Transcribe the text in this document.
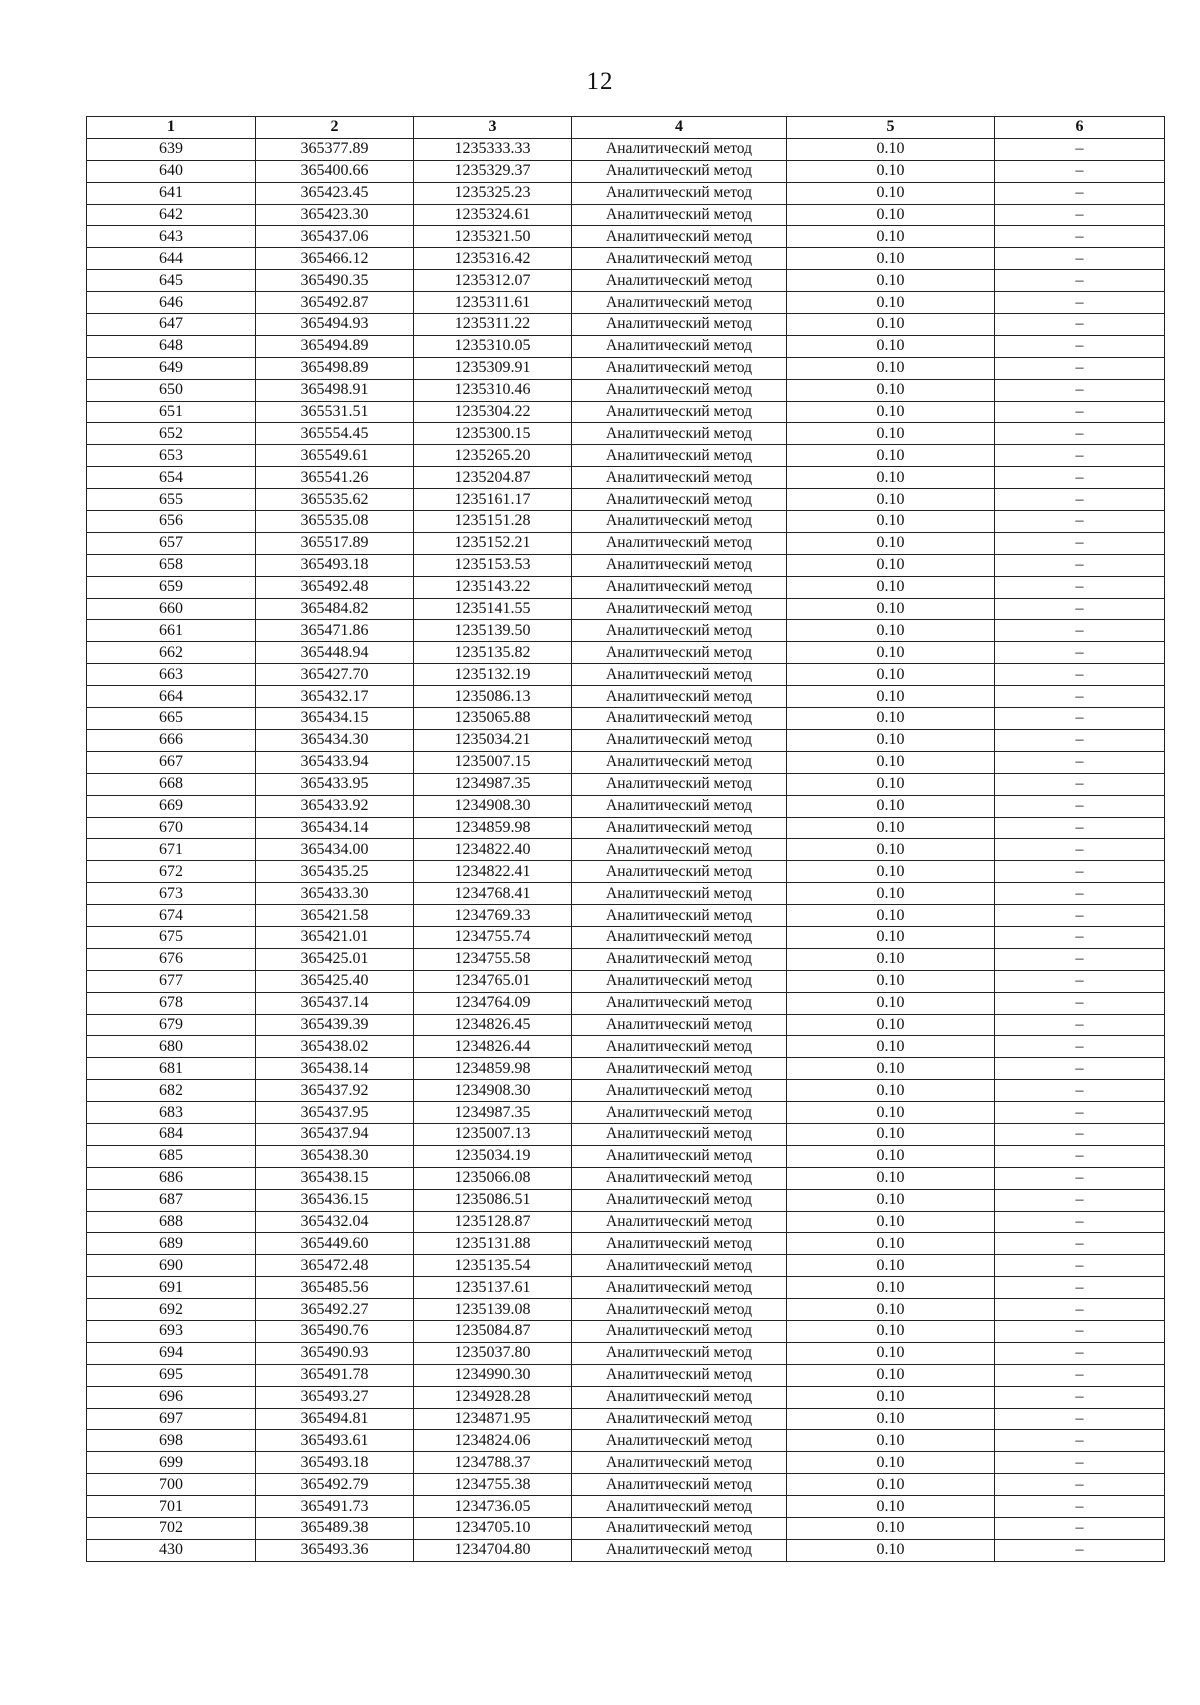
12
1	2	3	4	5	6
639	365377.89	1235333.33	Аналитический метод	0.10	–
640	365400.66	1235329.37	Аналитический метод	0.10	–
641	365423.45	1235325.23	Аналитический метод	0.10	–
642	365423.30	1235324.61	Аналитический метод	0.10	–
643	365437.06	1235321.50	Аналитический метод	0.10	–
644	365466.12	1235316.42	Аналитический метод	0.10	–
645	365490.35	1235312.07	Аналитический метод	0.10	–
646	365492.87	1235311.61	Аналитический метод	0.10	–
647	365494.93	1235311.22	Аналитический метод	0.10	–
648	365494.89	1235310.05	Аналитический метод	0.10	–
649	365498.89	1235309.91	Аналитический метод	0.10	–
650	365498.91	1235310.46	Аналитический метод	0.10	–
651	365531.51	1235304.22	Аналитический метод	0.10	–
652	365554.45	1235300.15	Аналитический метод	0.10	–
653	365549.61	1235265.20	Аналитический метод	0.10	–
654	365541.26	1235204.87	Аналитический метод	0.10	–
655	365535.62	1235161.17	Аналитический метод	0.10	–
656	365535.08	1235151.28	Аналитический метод	0.10	–
657	365517.89	1235152.21	Аналитический метод	0.10	–
658	365493.18	1235153.53	Аналитический метод	0.10	–
659	365492.48	1235143.22	Аналитический метод	0.10	–
660	365484.82	1235141.55	Аналитический метод	0.10	–
661	365471.86	1235139.50	Аналитический метод	0.10	–
662	365448.94	1235135.82	Аналитический метод	0.10	–
663	365427.70	1235132.19	Аналитический метод	0.10	–
664	365432.17	1235086.13	Аналитический метод	0.10	–
665	365434.15	1235065.88	Аналитический метод	0.10	–
666	365434.30	1235034.21	Аналитический метод	0.10	–
667	365433.94	1235007.15	Аналитический метод	0.10	–
668	365433.95	1234987.35	Аналитический метод	0.10	–
669	365433.92	1234908.30	Аналитический метод	0.10	–
670	365434.14	1234859.98	Аналитический метод	0.10	–
671	365434.00	1234822.40	Аналитический метод	0.10	–
672	365435.25	1234822.41	Аналитический метод	0.10	–
673	365433.30	1234768.41	Аналитический метод	0.10	–
674	365421.58	1234769.33	Аналитический метод	0.10	–
675	365421.01	1234755.74	Аналитический метод	0.10	–
676	365425.01	1234755.58	Аналитический метод	0.10	–
677	365425.40	1234765.01	Аналитический метод	0.10	–
678	365437.14	1234764.09	Аналитический метод	0.10	–
679	365439.39	1234826.45	Аналитический метод	0.10	–
680	365438.02	1234826.44	Аналитический метод	0.10	–
681	365438.14	1234859.98	Аналитический метод	0.10	–
682	365437.92	1234908.30	Аналитический метод	0.10	–
683	365437.95	1234987.35	Аналитический метод	0.10	–
684	365437.94	1235007.13	Аналитический метод	0.10	–
685	365438.30	1235034.19	Аналитический метод	0.10	–
686	365438.15	1235066.08	Аналитический метод	0.10	–
687	365436.15	1235086.51	Аналитический метод	0.10	–
688	365432.04	1235128.87	Аналитический метод	0.10	–
689	365449.60	1235131.88	Аналитический метод	0.10	–
690	365472.48	1235135.54	Аналитический метод	0.10	–
691	365485.56	1235137.61	Аналитический метод	0.10	–
692	365492.27	1235139.08	Аналитический метод	0.10	–
693	365490.76	1235084.87	Аналитический метод	0.10	–
694	365490.93	1235037.80	Аналитический метод	0.10	–
695	365491.78	1234990.30	Аналитический метод	0.10	–
696	365493.27	1234928.28	Аналитический метод	0.10	–
697	365494.81	1234871.95	Аналитический метод	0.10	–
698	365493.61	1234824.06	Аналитический метод	0.10	–
699	365493.18	1234788.37	Аналитический метод	0.10	–
700	365492.79	1234755.38	Аналитический метод	0.10	–
701	365491.73	1234736.05	Аналитический метод	0.10	–
702	365489.38	1234705.10	Аналитический метод	0.10	–
430	365493.36	1234704.80	Аналитический метод	0.10	–
